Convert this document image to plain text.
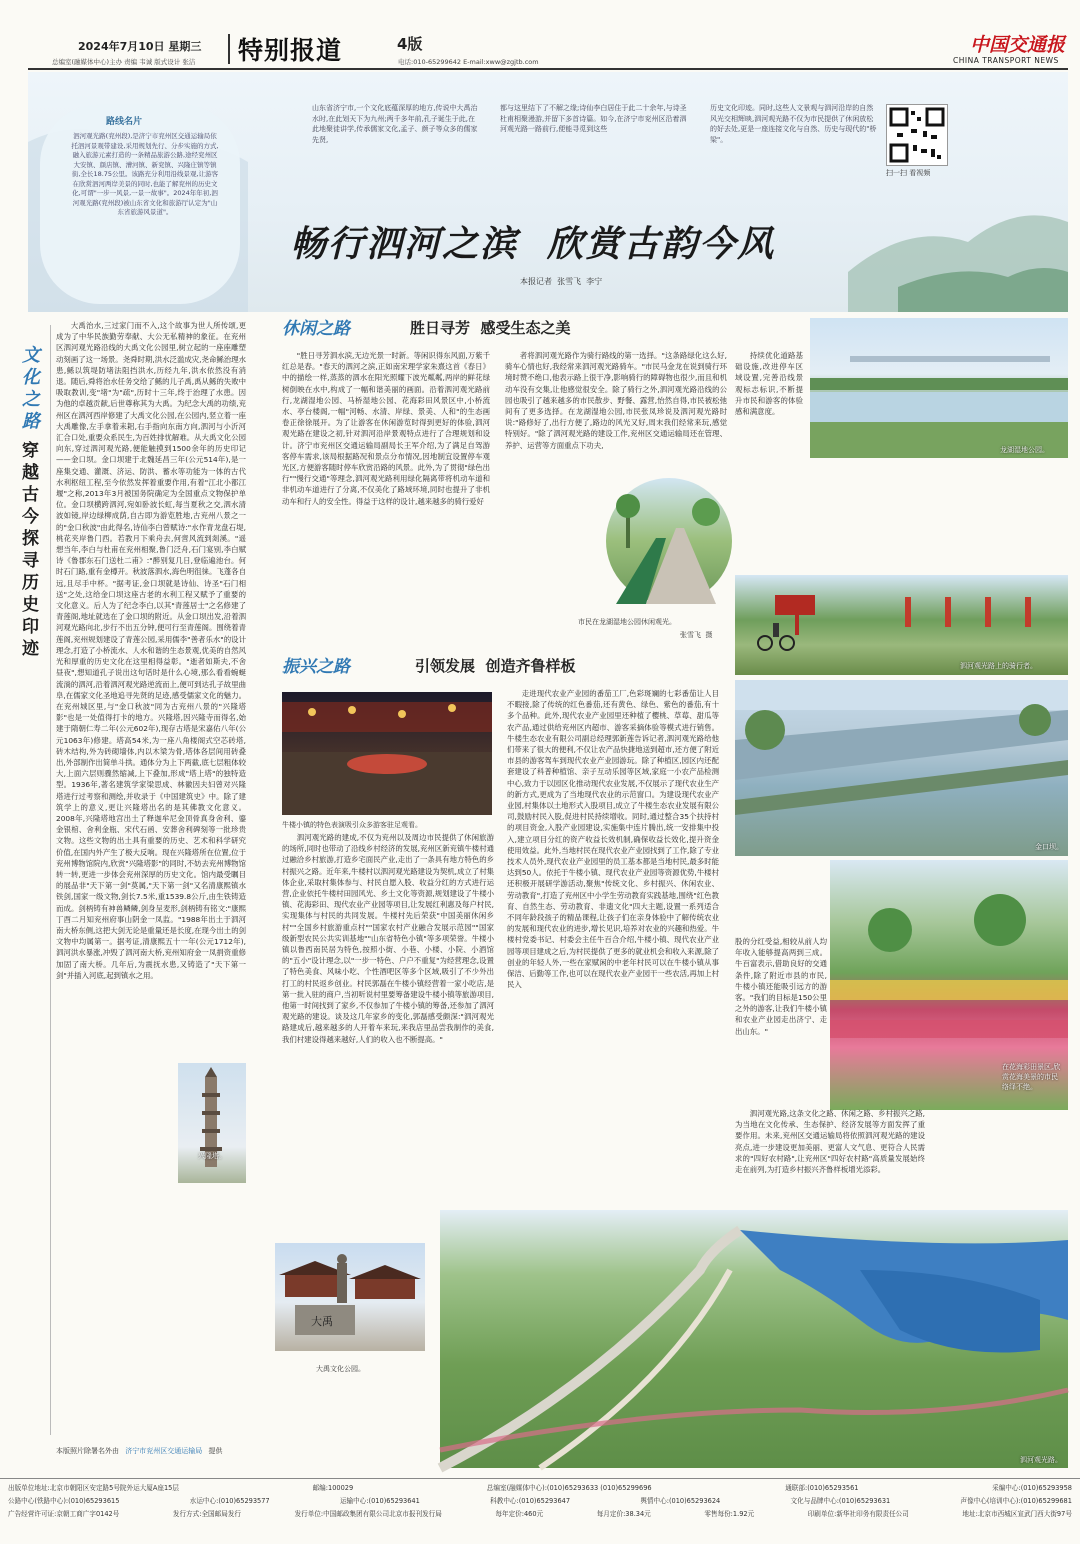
2024年7月10日 星期三
总编室(融媒体中心)主办 责编 韦诚 版式设计 张洁 特别报道	4版
电话:010-65299642 E-mail:xww@zgjtb.com
中国交通报
CHINA TRANSPORT NEWS
路线名片
泗河观光路(兖州段),是济宁市兖州区交通运输局依托泗河景观带建设,采用规划先行、分步实施的方式,融入旅游元素打造的一条精品旅游公路,途经兖州区大安镇、颜店镇、漕河镇、新兖镇、兴隆庄镇等镇街,全长18.75公里。该路充分利用沿线景观,让游客在欣赏泗河两岸美景的同时,也能了解兖州的历史文化,可谓"一步一风景,一景一故事"。2024年年初,泗河观光路(兖州段)被山东省文化和旅游厅认定为"山东省旅游风景道"。
山东省济宁市,一个文化底蕴深厚的地方,传说中大禹治水时,在此划天下为九州;两千多年前,孔子诞生于此,在此地聚徒讲学,传承儒家文化,孟子、颜子等众多的儒家先贤,
都与这里结下了不解之缘;诗仙李白居住于此二十余年,与诗圣杜甫相聚漫游,并留下多首诗篇。如今,在济宁市兖州区沿着泗河观光路一路前行,便能寻觅到这些
历史文化印迹。同时,这些人文景观与泗河沿岸的自然风光交相辉映,泗河观光路不仅为市民提供了休闲放松的好去处,更是一座连接文化与自然、历史与现代的"桥梁"。
扫一扫 看视频
畅行泗河之滨  欣赏古韵今风
本报记者  张雪飞  李宁
文化之路
穿越古今 探寻历史印迹

大禹治水,三过家门而不入,这个故事为世人所传颂,更成为了中华民族勤劳奉献、大公无私精神的象征。在兖州区泗河观光路沿线的大禹文化公园里,树立起的一座座雕塑动刻画了这一场景。尧舜时期,洪水泛滥成灾,尧命鲧治理水患,鲧以筑堤防堵法阻挡洪水,历经九年,洪水依然没有消退。随后,舜将治水任务交给了鲧的儿子禹,禹从鲧的失败中吸取教训,变"堵"为"疏",历时十三年,终于治理了水患。因为他的卓越贡献,后世尊称其为大禹。为纪念大禹的功绩,兖州区在泗河西岸修建了大禹文化公园,在公园内,竖立着一座大禹雕像,左手拿着耒耜,右手指向东南方向,泗河与小沂河汇合口处,重要众系民生,为百姓排忧解难。从大禹文化公园向东,穿过泗河观光路,便能触摸到1500余年的历史印记——金口坝。金口坝建于北魏延昌三年(公元514年),是一座集交通、灌溉、济运、防洪、蓄水等功能为一体的古代水利枢纽工程,至今依然发挥着重要作用,有着"江北小都江堰"之称,2013年3月被国务院确定为全国重点文物保护单位。金口坝横跨泗河,宛如卧波长虹,每当夏秋之交,泗水清波如镜,岸边绿柳成荫,自古即为游览胜地,古兖州八景之一的"金口秋波"由此得名,诗仙李白曾赋诗:"水作青龙盘石堤,桃花夹岸鲁门西。若教月下乘舟去,何啻风流到剡溪。"遥想当年,李白与杜甫在兖州相聚,鲁门泛舟,石门宴别,李白赋诗《鲁郡东石门送杜二甫》:"醉别复几日,登临遍池台。何时石门路,重有金樽开。秋波落泗水,海色明徂徕。飞蓬各自远,且尽手中杯。"据考证,金口坝就是诗仙、诗圣"石门相送"之处,这给金口坝这座古老的水利工程又赋予了重要的文化意义。后人为了纪念李白,以其"青莲居士"之名修建了青莲阁,地址就选在了金口坝的附近。从金口坝出发,沿着泗河观光路向北,步行不出五分钟,便可行至青莲阁。围绕着青莲阁,兖州规划建设了青莲公园,采用儒李"善者乐水"的设计理念,打造了小桥流水、人水和谐的生态景观,优美的自然风光和厚重的历史文化在这里相得益彰。"逝者如斯夫,不舍昼夜",想知道孔子说出这句话时是什么心境,那么看看蜿蜒流淌的泗河,沿着泗河观光路逆流而上,便可到达孔子故里曲阜,在儒家文化圣地追寻先贤的足迹,感受儒家文化的魅力。在兖州城区里,与"金口秋波"同为古兖州八景的"兴隆塔影"也是一处值得打卡的地方。兴隆塔,因兴隆寺而得名,始建于隋朝仁寿二年(公元602年),现存古塔是宋嘉佑八年(公元1063年)修建。塔高54米,为一座八角楼阁式空芯砖塔,砖木结构,外为砖砌墙体,内以木梁为骨,塔体各层间用砖叠出,外部制作出简单斗拱。通体分为上下两截,底七层粗体较大,上面六层则骤然缩减,上下叠加,形成"塔上塔"的独特造型。1936年,著名建筑学家梁思成、林徽因夫妇曾对兴隆塔进行过考察和测绘,并收录于《中国建筑史》中。除了建筑学上的意义,更让兴隆塔出名的是其佛教文化意义。2008年,兴隆塔地宫出土了释迦牟尼金顶骨真身舍利、鎏金银棺、舍利金瓶、宋代石函、安葬舍利碑刻等一批珍贵文物。这些文物的出土具有重要的历史、艺术和科学研究价值,在国内外产生了极大反响。现在兴隆塔所在位置,位于兖州博物馆院内,欣赏"兴隆塔影"的同时,不妨去兖州博物馆转一转,更进一步体会兖州深厚的历史文化。馆内最受瞩目的展品非"天下第一剑"莫属,"天下第一剑"又名清康熙镇水铁剑,国家一级文物,剑长7.5米,重1539.8公斤,由生铁铸造而成。剑柄铸有神兽鳞鳞,剑身呈麦形,剑柄铸有铭文:"康熙丁酉二月知兖州府事山阴金一凤监。"1988年出土于泗河南大桥东侧,这把大剑无论是重量还是长度,在现今出土的剑文物中均属第一。据考证,清康熙五十一年(公元1712年),泗河洪水暴涨,冲毁了泗河南大桥,兖州知府金一凤捐资重修加固了南大桥。几年后,为震抚水患,又铸造了"天下第一剑"并插入河底,起到镇水之用。

兴隆塔。
大禹
大禹文化公园。
本版照片除署名外由 济宁市兖州区交通运输局 提供
休闲之路	胜日寻芳  感受生态之美
"胜日寻芳泗水滨,无边光景一时新。等闲识得东风面,万紫千红总是春。"春天的泗河之滨,正如南宋理学家朱熹这首《春日》中的描绘一样,蒸蒸的泗水在阳光照耀下波光粼粼,两岸的鲜花绿树倒映在水中,构成了一幅和谐美丽的画面。沿着泗河观光路前行,龙湖湿地公园、马桥湿地公园、花海彩田风景区中,小桥流水、亭台楼阁,一幅"河畅、水清、岸绿、景美、人和"的生态画卷正徐徐展开。为了让游客在休闲游览时得到更好的体验,泗河观光路在建设之初,针对泗河沿岸景观特点进行了合理规划和设计。济宁市兖州区交通运输局副局长王军介绍,为了满足自驾游客停车需求,该局根据路况和景点分布情况,因地制宜设置停车观光区,方便游客随时停车欣赏沿路的风景。此外,为了贯彻"绿色出行""慢行交通"等理念,泗河观光路利用绿化隔离带将机动车道和非机动车道进行了分离,不仅美化了路域环境,同时也提升了非机动车和行人的安全性。得益于这样的设计,越来越多的骑行爱好
者将泗河观光路作为骑行路线的第一选择。"这条路绿化这么好,骑车心情也好,我经常来泗河观光路骑车。"市民马金龙在说到骑行环境时赞不绝口,他表示路上很干净,影响骑行的障碍物也很少,而且和机动车没有交集,让他感觉很安全。除了骑行之外,泗河观光路沿线的公园也吸引了越来越多的市民散步、野餐、露营,怡然自得,市民被松弛间有了更多选择。在龙湖湿地公园,市民张凤珍说及泗河观光路时说:"路修好了,出行方便了,路边的风光又好,周末我们经常来玩,感觉特别好。"除了泗河观光路的建设工作,兖州区交通运输局还在管理、养护、运营等方面重点下功夫,
持续优化道路基础设施,改进停车区域设置,完善沿线景观标志标识,不断提升市民和游客的体验感和满意度。
龙湖湿地公园。
市民在龙湖湿地公园休闲观光。
张雪飞  摄
泗河观光路上的骑行者。
振兴之路	引领发展  创造齐鲁样板
牛楼小镇的特色表演吸引众多游客驻足观看。
泗河观光路的建成,不仅为兖州以及周边市民提供了休闲旅游的场所,同时也带动了沿线乡村经济的发展,兖州区新兖镇牛楼村通过融洽乡村旅游,打造乡宅面民产业,走出了一条具有地方特色的乡村振兴之路。近年来,牛楼村以泗河观光路建设为契机,成立了村集体企业,采取村集体参与、村民自愿入股、收益分红的方式进行运营,企业依托牛楼村田园风光、乡土文化等资源,规划建设了牛楼小镇、花海彩田、现代农业产业园等项目,让发展红利惠及每户村民,实现集体与村民的共同发展。牛楼村先后荣获"中国美丽休闲乡村""全国乡村旅游重点村""国家农村产业融合发展示范园""国家级新型农民公共实训基地""山东省特色小镇"等多项荣誉。牛楼小镇以鲁西南民居为特色,按照小街、小巷、小楼、小院、小酒馆的"五小"设计理念,以"一步一特色、户户不重复"为经营理念,设置了特色美食、风味小吃、个性酒吧区等多个区域,吸引了不少外出打工的村民返乡创业。村民郭磊在牛楼小镇经营着一家小吃店,是第一批入驻的商户,当初听说村里要筹备建设牛楼小镇等旅游项目,他第一时间找到了家乡,不仅参加了牛楼小镇的筹备,还参加了泗河观光路的建设。谈及这几年家乡的变化,郭磊感受颇深:"泗河观光路建成后,越来越多的人开着车来玩,来我店里品尝我制作的美食,我们村建设得越来越好,人们的收入也不断提高。"
走进现代农业产业园的番茄工厂,色彩斑斓的七彩番茄让人目不暇接,除了传统的红色番茄,还有黄色、绿色、紫色的番茄,有十多个品种。此外,现代农业产业园里还种植了樱桃、草莓、甜瓜等农产品,通过供给兖州区内超市、游客采摘体验等模式进行销售。牛楼生态农业有限公司副总经理郭新莲告诉记者,泗河观光路给他们带来了很大的便利,不仅让农产品快捷地送到超市,还方便了附近市县的游客驾车到现代农业产业园游玩。除了种植区,园区内还配套建设了科普种植馆、亲子互动乐园等区域,家庭一小农产品检测中心,致力于以园区化推动现代农业发展,不仅展示了现代农业生产的新方式,更成为了当地现代农业的示范窗口。为建设现代农业产业园,村集体以土地形式入股项目,成立了牛楼生态农业发展有限公司,鼓励村民入股,促进村民持续增收。同时,通过整合35个扶持村的项目资金,入股产业园建设,实施集中连片腾出,统一安排集中投入,建立项目分红的资产收益长效机制,确保收益长效化,提升资金使用效益。此外,当地村民在现代农业产业园找到了工作,除了专业技术人员外,现代农业产业园里的员工基本都是当地村民,最多时能达到50人。依托于牛楼小镇、现代农业产业园等资源优势,牛楼村还积极开展研学游活动,聚焦"传统文化、乡村振兴、休闲农业、劳动教育",打造了兖州区中小学生劳动教育实践基地,围绕"红色教育、自然生态、劳动教育、非遗文化"四大主题,设置一系列适合不同年龄段孩子的精品课程,让孩子们在亲身体验中了解传统农业的发展和现代农业的进步,增长见识,培养对农业的兴趣和热爱。牛楼村党委书记、村委会主任牛百合介绍,牛楼小镇、现代农业产业园等项目建成之后,为村民提供了更多的就业机会和收入来源,除了创业的年轻人外,一些在家赋闲的中老年村民可以在牛楼小镇从事保洁、后勤等工作,也可以在现代农业产业园干一些农活,再加上村民入
金口坝。
股的分红受益,相较从前人均年收入能够提高两到三成。牛百富表示,借助良好的交通条件,除了附近市县的市民,牛楼小镇还能吸引远方的游客。"我们的目标是150公里之外的游客,让我们牛楼小镇和农业产业园走出济宁、走出山东。"
在花海彩田景区,欣赏花海美景的市民络绎不绝。
泗河观光路,这条文化之路、休闲之路、乡村振兴之路,为当地在文化传承、生态保护、经济发展等方面发挥了重要作用。未来,兖州区交通运输局将依照泗河观光路的建设亮点,进一步建设更加美丽、更富人文气息、更符合人民需求的"四好农村路",让兖州区"四好农村路"高质量发展始终走在前列,为打造乡村振兴齐鲁样板增光添彩。
泗河观光路。
出版单位地址:北京市朝阳区安定路5号院外运大厦A座15层	邮编:100029	总编室(融媒体中心):(010)65293633 (010)65299696	通联部:(010)65293561	采编中心:(010)65293958
公路中心(铁路中心):(010)65293615	水运中心:(010)65293577	运输中心:(010)65293641	科教中心:(010)65293647	舆情中心:(010)65293624	文化与品牌中心:(010)65293631	声像中心(培训中心):(010)65299681
广告经营许可证:京朝工商广字0142号	发行方式:全国邮局发行	发行单位:中国邮政集团有限公司北京市报刊发行局	每年定价:460元	每月定价:38.34元	零售每份:1.92元	印刷单位:新华社印务有限责任公司	地址:北京市西城区宣武门西大街97号
